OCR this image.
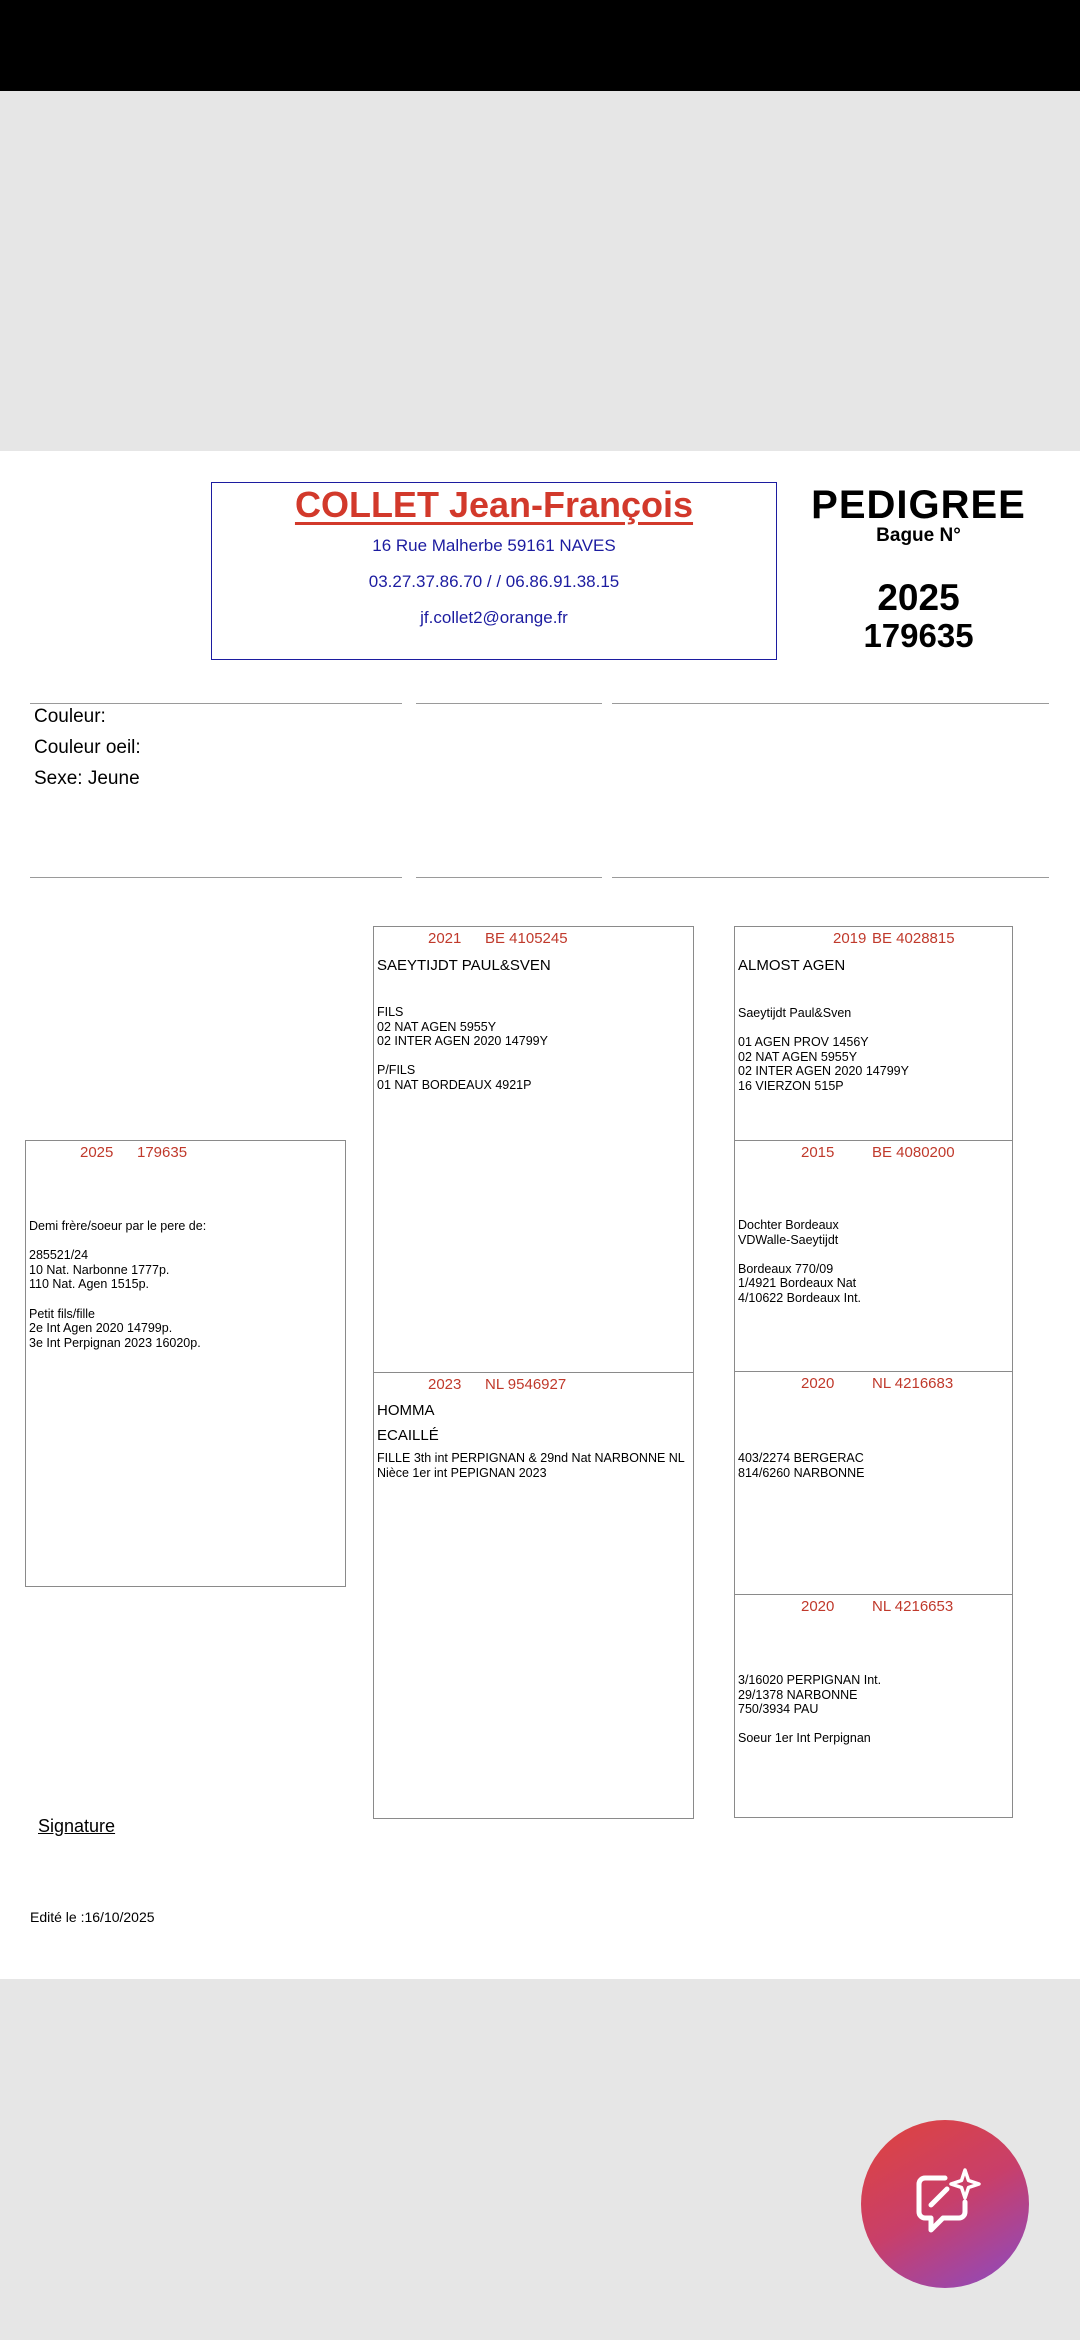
COLLET Jean-François
16 Rue Malherbe 59161 NAVES
03.27.37.86.70 / / 06.86.91.38.15
jf.collet2@orange.fr
PEDIGREE
Bague N°
2025
179635
Couleur:
Couleur oeil:
Sexe: Jeune
2025 179635
Demi frère/soeur par le pere de:
285521/24
10 Nat. Narbonne 1777p.
110 Nat. Agen 1515p.
Petit fils/fille
2e Int Agen 2020 14799p.
3e Int Perpignan 2023 16020p.
2021 BE 4105245
SAEYTIJDT PAUL&SVEN
FILS
02 NAT AGEN 5955Y
02 INTER AGEN 2020 14799Y
P/FILS
01 NAT BORDEAUX 4921P
2023 NL 9546927
HOMMA
ECAILLÉ
FILLE 3th int PERPIGNAN & 29nd Nat NARBONNE NL
Nièce 1er int PEPIGNAN 2023
2019 BE 4028815
ALMOST AGEN
Saeytijdt Paul&Sven
01 AGEN PROV 1456Y
02 NAT AGEN 5955Y
02 INTER AGEN 2020 14799Y
16 VIERZON 515P
2015	BE 4080200
Dochter Bordeaux
VDWalle-Saeytijdt
Bordeaux 770/09
1/4921 Bordeaux Nat
4/10622 Bordeaux Int.
2020	NL 4216683
403/2274 BERGERAC
814/6260 NARBONNE
2020	NL 4216653
3/16020 PERPIGNAN Int.
29/1378 NARBONNE
750/3934 PAU
Soeur 1er Int Perpignan
Signature
Edité le :16/10/2025
